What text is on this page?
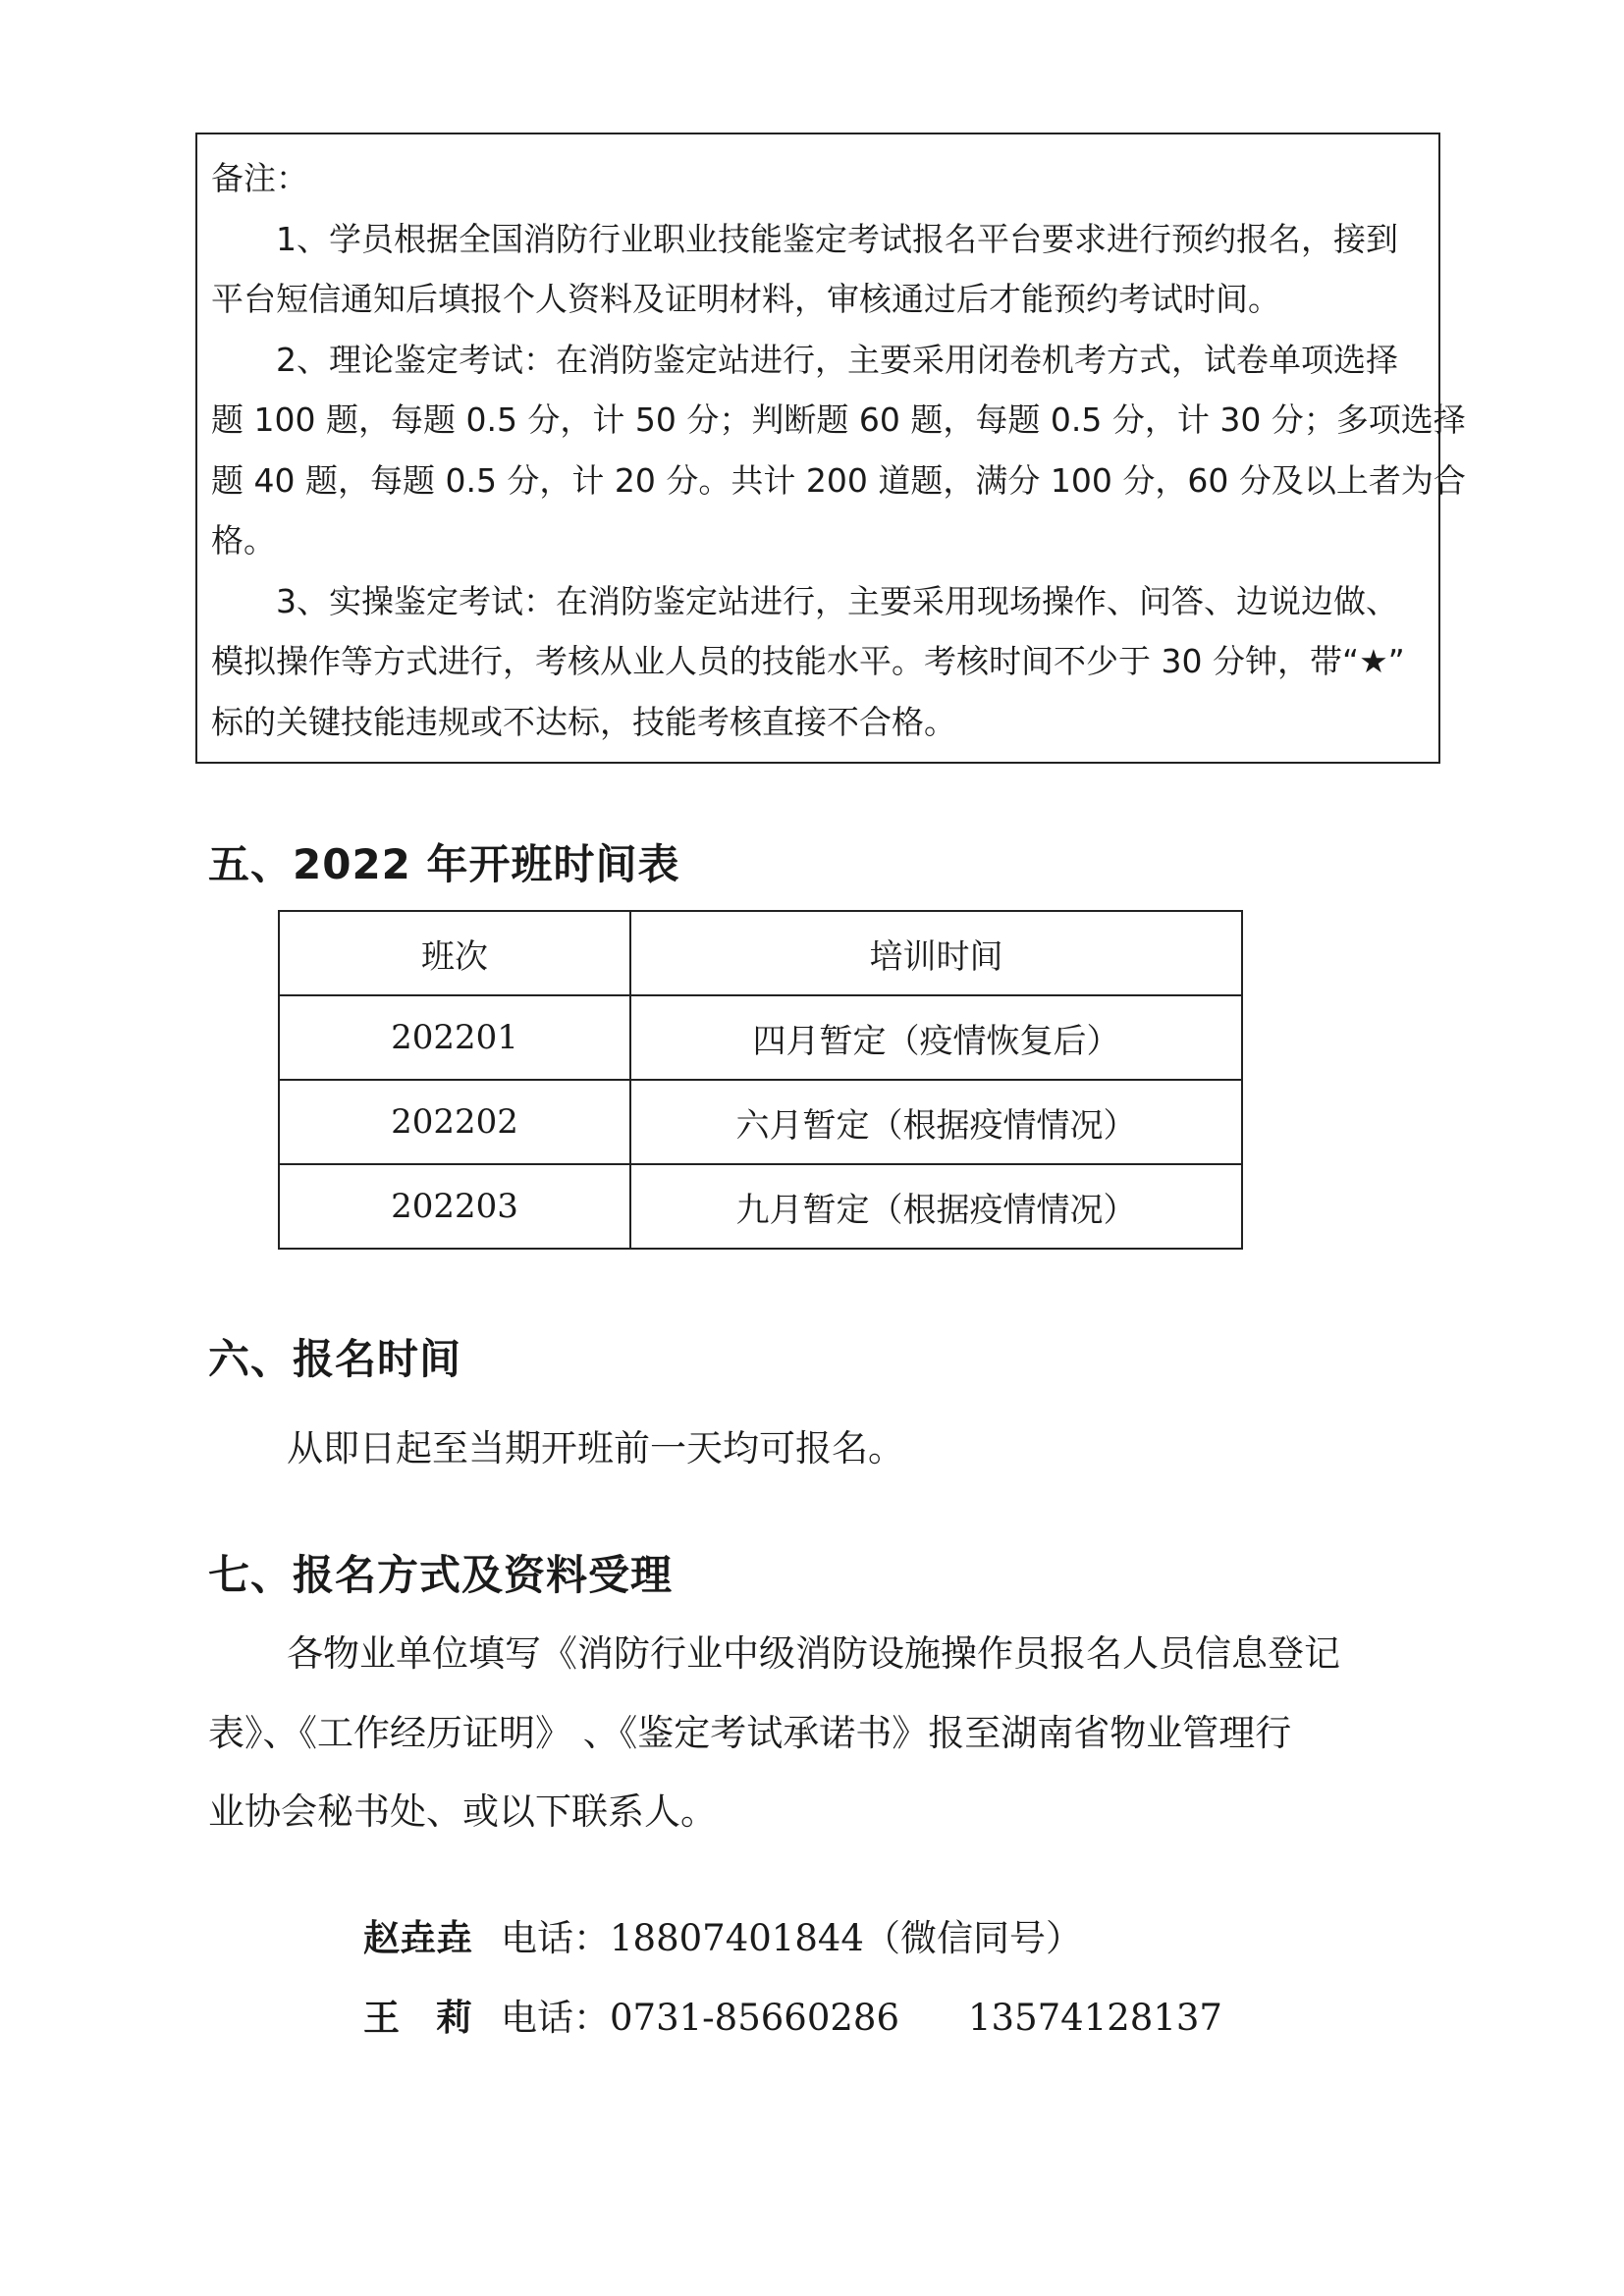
备注：

1、学员根据全国消防行业职业技能鉴定考试报名平台要求进行预约报名，接到

平台短信通知后填报个人资料及证明材料，审核通过后才能预约考试时间。

2、理论鉴定考试：在消防鉴定站进行，主要采用闭卷机考方式，试卷单项选择

题 100 题，每题 0.5 分，计 50 分；判断题 60 题，每题 0.5 分，计 30 分；多项选择

题 40 题，每题 0.5 分，计 20 分。共计 200 道题，满分 100 分，60 分及以上者为合

格。

3、实操鉴定考试：在消防鉴定站进行，主要采用现场操作、问答、边说边做、

模拟操作等方式进行，考核从业人员的技能水平。考核时间不少于 30 分钟，带“★”

标的关键技能违规或不达标，技能考核直接不合格。

五、2022 年开班时间表
班次	培训时间
202201	四月暂定（疫情恢复后）
202202	六月暂定（根据疫情情况）
202203	九月暂定（根据疫情情况）
六、报名时间

从即日起至当期开班前一天均可报名。

七、报名方式及资料受理

各物业单位填写《消防行业中级消防设施操作员报名人员信息登记

表》、《工作经历证明》 、《鉴定考试承诺书》报至湖南省物业管理行

业协会秘书处、或以下联系人。

赵垚垚 电话：18807401844（微信同号）

王　莉 电话：0731-85660286 13574128137
